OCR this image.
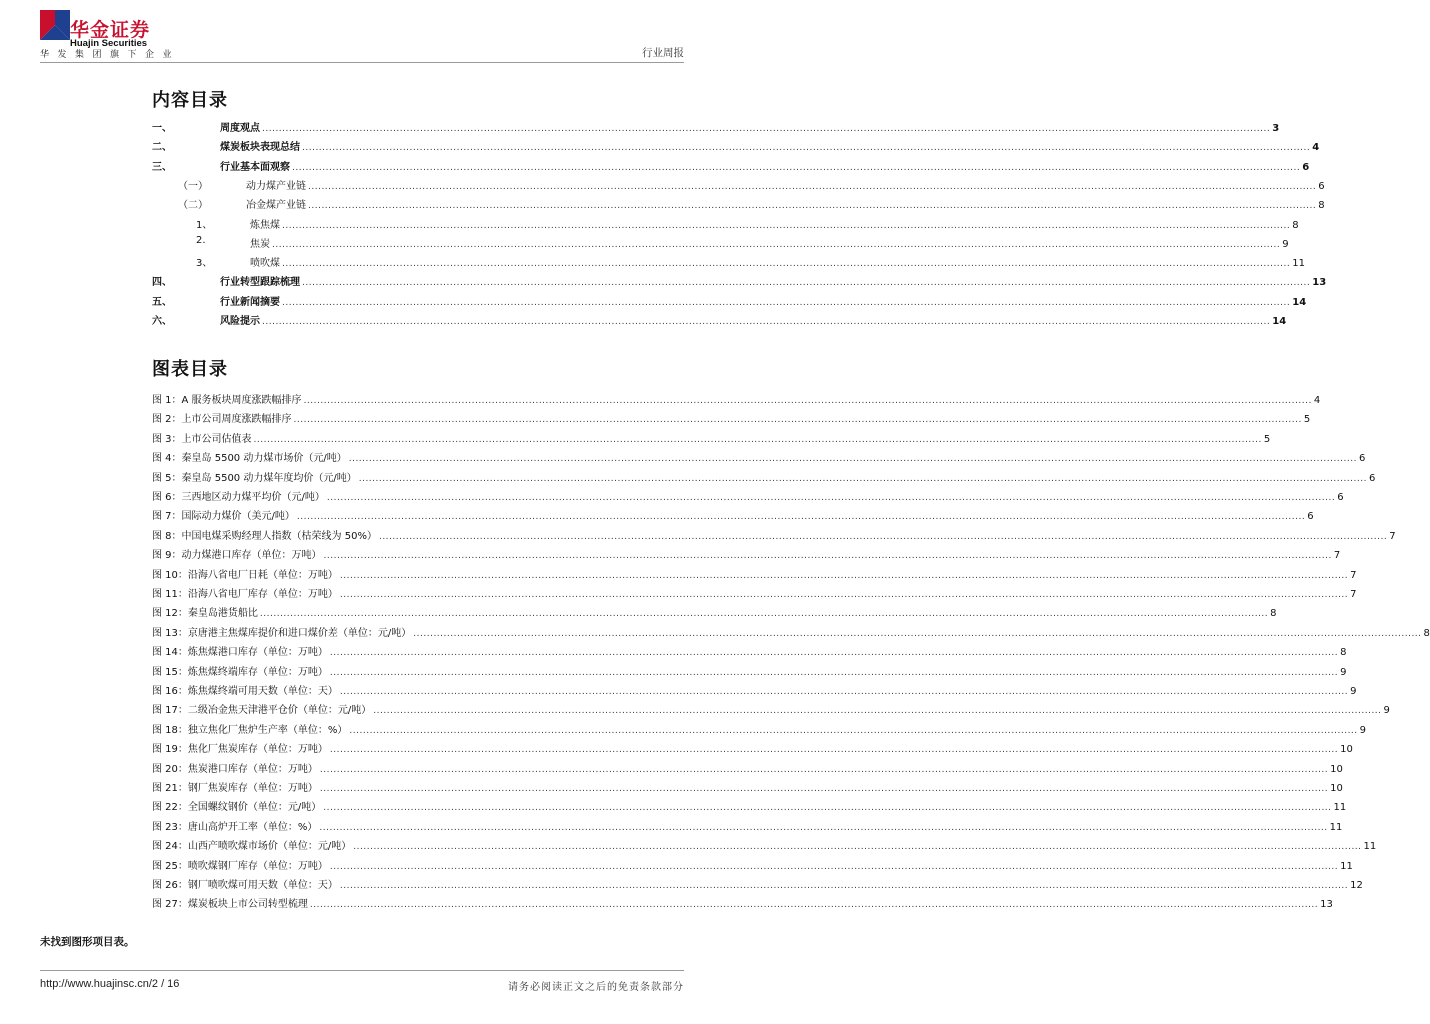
华金证券
Huajin Securities
华发集团旗下企业	行业周报
内容目录
一、	周度观点 ............................................................................................................................................................................................................................................................................................................ 3
二、	煤炭板块表现总结 ............................................................................................................................................................................................................................................................................................................ 4
三、	行业基本面观察 ............................................................................................................................................................................................................................................................................................................ 6
（一）	动力煤产业链 ............................................................................................................................................................................................................................................................................................................ 6
（二）	冶金煤产业链 ............................................................................................................................................................................................................................................................................................................ 8
1、	炼焦煤 ............................................................................................................................................................................................................................................................................................................ 8
2.	焦炭 ............................................................................................................................................................................................................................................................................................................ 9
3、	喷吹煤 ............................................................................................................................................................................................................................................................................................................ 11
四、	行业转型跟踪梳理 ............................................................................................................................................................................................................................................................................................................ 13
五、	行业新闻摘要 ............................................................................................................................................................................................................................................................................................................ 14
六、	风险提示 ............................................................................................................................................................................................................................................................................................................ 14
图表目录
图 1：A 服务板块周度涨跌幅排序 ............................................................................................................................................................................................................................................................................................................ 4
图 2：上市公司周度涨跌幅排序 ............................................................................................................................................................................................................................................................................................................ 5
图 3：上市公司估值表 ............................................................................................................................................................................................................................................................................................................ 5
图 4：秦皇岛 5500 动力煤市场价（元/吨） ............................................................................................................................................................................................................................................................................................................ 6
图 5：秦皇岛 5500 动力煤年度均价（元/吨） ............................................................................................................................................................................................................................................................................................................ 6
图 6：三西地区动力煤平均价（元/吨） ............................................................................................................................................................................................................................................................................................................ 6
图 7：国际动力煤价（美元/吨） ............................................................................................................................................................................................................................................................................................................ 6
图 8：中国电煤采购经理人指数（枯荣线为 50%） ............................................................................................................................................................................................................................................................................................................ 7
图 9：动力煤港口库存（单位：万吨） ............................................................................................................................................................................................................................................................................................................ 7
图 10：沿海八省电厂日耗（单位：万吨） ............................................................................................................................................................................................................................................................................................................ 7
图 11：沿海八省电厂库存（单位：万吨） ............................................................................................................................................................................................................................................................................................................ 7
图 12：秦皇岛港货船比 ............................................................................................................................................................................................................................................................................................................ 8
图 13：京唐港主焦煤库提价和进口煤价差（单位：元/吨） ............................................................................................................................................................................................................................................................................................................ 8
图 14：炼焦煤港口库存（单位：万吨） ............................................................................................................................................................................................................................................................................................................ 8
图 15：炼焦煤终端库存（单位：万吨） ............................................................................................................................................................................................................................................................................................................ 9
图 16：炼焦煤终端可用天数（单位：天） ............................................................................................................................................................................................................................................................................................................ 9
图 17：二级冶金焦天津港平仓价（单位：元/吨） ............................................................................................................................................................................................................................................................................................................ 9
图 18：独立焦化厂焦炉生产率（单位：%） ............................................................................................................................................................................................................................................................................................................ 9
图 19：焦化厂焦炭库存（单位：万吨） ............................................................................................................................................................................................................................................................................................................ 10
图 20：焦炭港口库存（单位：万吨） ............................................................................................................................................................................................................................................................................................................ 10
图 21：钢厂焦炭库存（单位：万吨） ............................................................................................................................................................................................................................................................................................................ 10
图 22：全国螺纹钢价（单位：元/吨） ............................................................................................................................................................................................................................................................................................................ 11
图 23：唐山高炉开工率（单位：%） ............................................................................................................................................................................................................................................................................................................ 11
图 24：山西产喷吹煤市场价（单位：元/吨） ............................................................................................................................................................................................................................................................................................................ 11
图 25：喷吹煤钢厂库存（单位：万吨） ............................................................................................................................................................................................................................................................................................................ 11
图 26：钢厂喷吹煤可用天数（单位：天） ............................................................................................................................................................................................................................................................................................................ 12
图 27：煤炭板块上市公司转型梳理 ............................................................................................................................................................................................................................................................................................................ 13
未找到图形项目表。
http://www.huajinsc.cn/2 / 16	请务必阅读正文之后的免责条款部分
